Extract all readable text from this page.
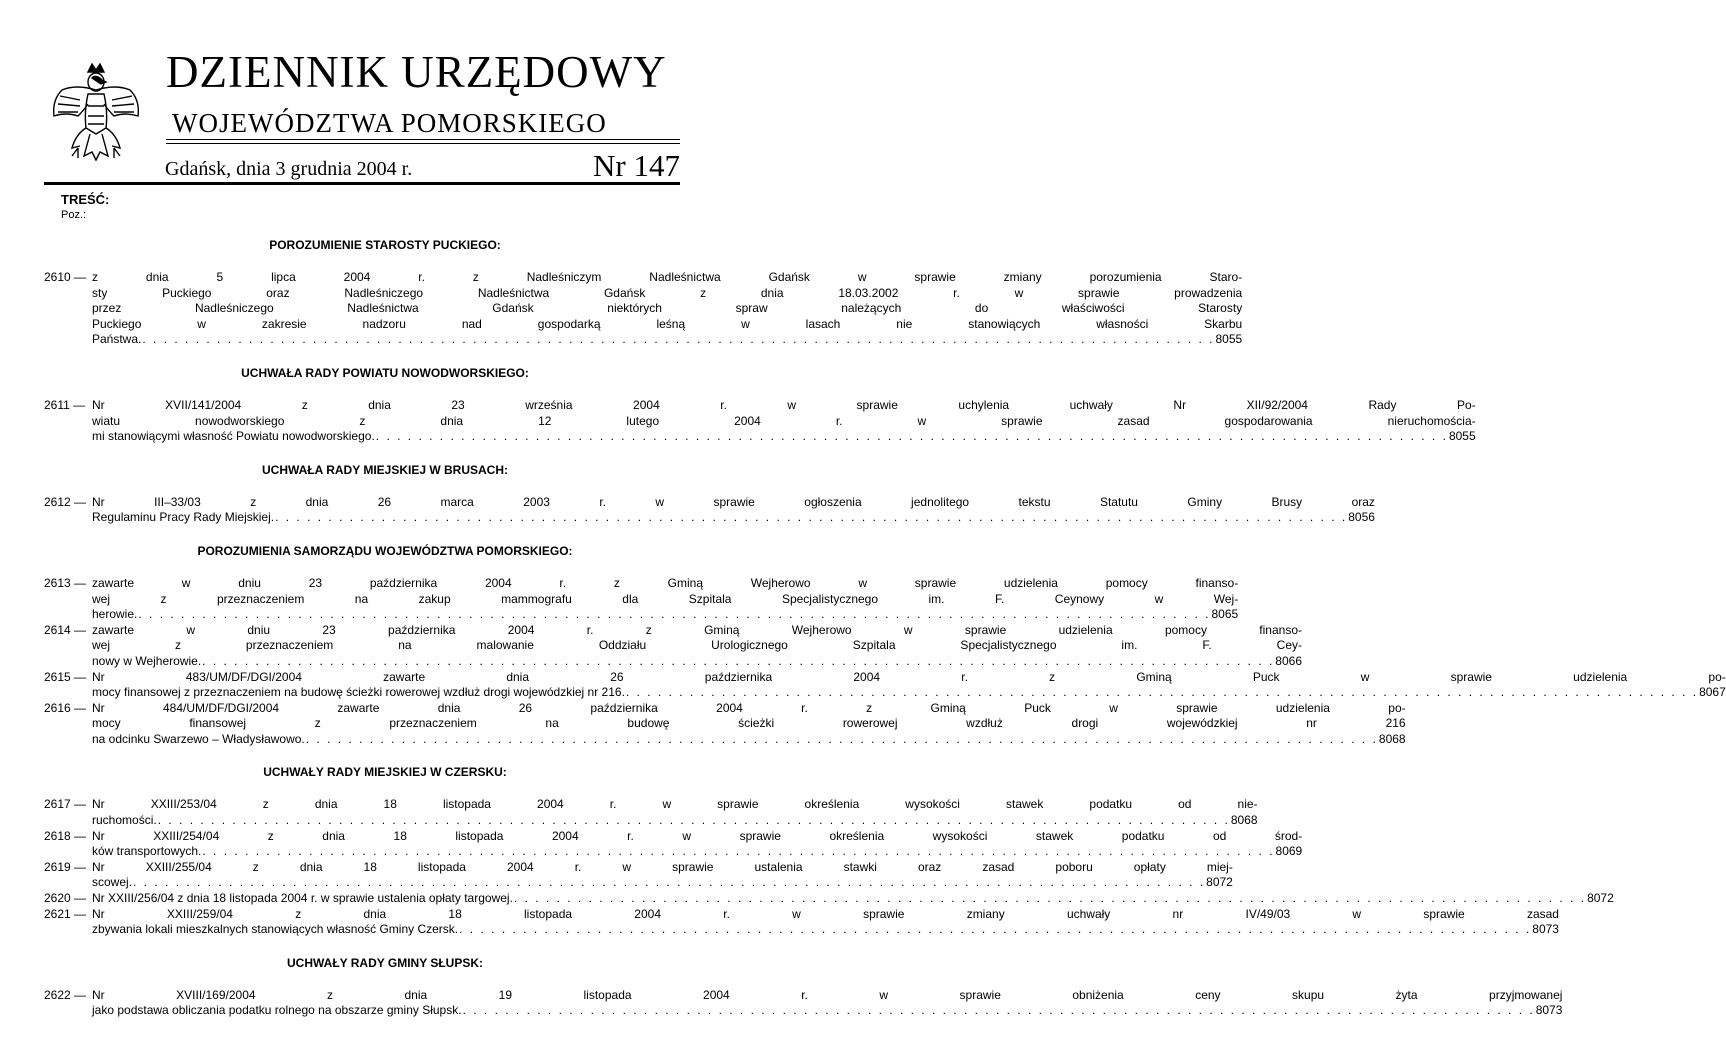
DZIENNIK URZĘDOWY
WOJEWÓDZTWA POMORSKIEGO
Gdańsk, dnia 3 grudnia 2004 r.	Nr 147
TREŚĆ:
Poz.:
POROZUMIENIE STAROSTY PUCKIEGO:
2610 — z dnia 5 lipca 2004 r. z Nadleśniczym Nadleśnictwa Gdańsk w sprawie zmiany porozumienia Staro-
sty Puckiego oraz Nadleśniczego Nadleśnictwa Gdańsk z dnia 18.03.2002 r. w sprawie prowadzenia
przez Nadleśniczego Nadleśnictwa Gdańsk niektórych spraw należących do właściwości Starosty
Puckiego w zakresie nadzoru nad gospodarką leśną w lasach nie stanowiących własności Skarbu
Państwa. . . . . . . . . . . . . . . . . . . . . . . . . . . . . . . . . . . . . . . . . . . . . . . . . . . . . . . . . . . . . . . . . . . . . . . . . . . . . . . . . . . . . . . . . . . . . . . . . . . . . . 8055
UCHWAŁA RADY POWIATU NOWODWORSKIEGO:
2611 — Nr XVII/141/2004 z dnia 23 września 2004 r. w sprawie uchylenia uchwały Nr XII/92/2004 Rady Po-
wiatu nowodworskiego z dnia 12 lutego 2004 r. w sprawie zasad gospodarowania nieruchomościa-
mi stanowiącymi własność Powiatu nowodworskiego. . . . . . . . . . . . . . . . . . . . . . . . . . . . . . . . . . . . . . . . . . . . . . . . . . . . . . . . . . . . . . . . . . . . . . . . . . . . . . . . . . . . . . . . . . . . . . . . . . . . . . 8055
UCHWAŁA RADY MIEJSKIEJ W BRUSACH:
2612 — Nr III–33/03 z dnia 26 marca 2003 r. w sprawie ogłoszenia jednolitego tekstu Statutu Gminy Brusy oraz
Regulaminu Pracy Rady Miejskiej. . . . . . . . . . . . . . . . . . . . . . . . . . . . . . . . . . . . . . . . . . . . . . . . . . . . . . . . . . . . . . . . . . . . . . . . . . . . . . . . . . . . . . . . . . . . . . . . . . . . . . 8056
POROZUMIENIA SAMORZĄDU WOJEWÓDZTWA POMORSKIEGO:
2613 — zawarte w dniu 23 października 2004 r. z Gminą Wejherowo w sprawie udzielenia pomocy finanso-
wej z przeznaczeniem na zakup mammografu dla Szpitala Specjalistycznego im. F. Ceynowy w Wej-
herowie. . . . . . . . . . . . . . . . . . . . . . . . . . . . . . . . . . . . . . . . . . . . . . . . . . . . . . . . . . . . . . . . . . . . . . . . . . . . . . . . . . . . . . . . . . . . . . . . . . . . . . 8065
2614 — zawarte w dniu 23 października 2004 r. z Gminą Wejherowo w sprawie udzielenia pomocy finanso-
wej z przeznaczeniem na malowanie Oddziału Urologicznego Szpitala Specjalistycznego im. F. Cey-
nowy w Wejherowie. . . . . . . . . . . . . . . . . . . . . . . . . . . . . . . . . . . . . . . . . . . . . . . . . . . . . . . . . . . . . . . . . . . . . . . . . . . . . . . . . . . . . . . . . . . . . . . . . . . . . . 8066
2615 — Nr 483/UM/DF/DGI/2004 zawarte dnia 26 października 2004 r. z Gminą Puck w sprawie udzielenia po-
mocy finansowej z przeznaczeniem na budowę ścieżki rowerowej wzdłuż drogi wojewódzkiej nr 216. . . . . . . . . . . . . . . . . . . . . . . . . . . . . . . . . . . . . . . . . . . . . . . . . . . . . . . . . . . . . . . . . . . . . . . . . . . . . . . . . . . . . . . . . . . . . . . . . . . . . . 8067
2616 — Nr 484/UM/DF/DGI/2004 zawarte dnia 26 października 2004 r. z Gminą Puck w sprawie udzielenia po-
mocy finansowej z przeznaczeniem na budowę ścieżki rowerowej wzdłuż drogi wojewódzkiej nr 216
na odcinku Swarzewo – Władysławowo. . . . . . . . . . . . . . . . . . . . . . . . . . . . . . . . . . . . . . . . . . . . . . . . . . . . . . . . . . . . . . . . . . . . . . . . . . . . . . . . . . . . . . . . . . . . . . . . . . . . . . 8068
UCHWAŁY RADY MIEJSKIEJ W CZERSKU:
2617 — Nr XXIII/253/04 z dnia 18 listopada 2004 r. w sprawie określenia wysokości stawek podatku od nie-
ruchomości. . . . . . . . . . . . . . . . . . . . . . . . . . . . . . . . . . . . . . . . . . . . . . . . . . . . . . . . . . . . . . . . . . . . . . . . . . . . . . . . . . . . . . . . . . . . . . . . . . . . . . 8068
2618 — Nr XXIII/254/04 z dnia 18 listopada 2004 r. w sprawie określenia wysokości stawek podatku od środ-
ków transportowych. . . . . . . . . . . . . . . . . . . . . . . . . . . . . . . . . . . . . . . . . . . . . . . . . . . . . . . . . . . . . . . . . . . . . . . . . . . . . . . . . . . . . . . . . . . . . . . . . . . . . . 8069
2619 — Nr XXIII/255/04 z dnia 18 listopada 2004 r. w sprawie ustalenia stawki oraz zasad poboru opłaty miej-
scowej. . . . . . . . . . . . . . . . . . . . . . . . . . . . . . . . . . . . . . . . . . . . . . . . . . . . . . . . . . . . . . . . . . . . . . . . . . . . . . . . . . . . . . . . . . . . . . . . . . . . . . 8072
2620 — Nr XXIII/256/04 z dnia 18 listopada 2004 r. w sprawie ustalenia opłaty targowej. . . . . . . . . . . . . . . . . . . . . . . . . . . . . . . . . . . . . . . . . . . . . . . . . . . . . . . . . . . . . . . . . . . . . . . . . . . . . . . . . . . . . . . . . . . . . . . . . . . . . . 8072
2621 — Nr XXIII/259/04 z dnia 18 listopada 2004 r. w sprawie zmiany uchwały nr IV/49/03 w sprawie zasad
zbywania lokali mieszkalnych stanowiących własność Gminy Czersk. . . . . . . . . . . . . . . . . . . . . . . . . . . . . . . . . . . . . . . . . . . . . . . . . . . . . . . . . . . . . . . . . . . . . . . . . . . . . . . . . . . . . . . . . . . . . . . . . . . . . . 8073
UCHWAŁY RADY GMINY SŁUPSK:
2622 — Nr XVIII/169/2004 z dnia 19 listopada 2004 r. w sprawie obniżenia ceny skupu żyta przyjmowanej
jako podstawa obliczania podatku rolnego na obszarze gminy Słupsk. . . . . . . . . . . . . . . . . . . . . . . . . . . . . . . . . . . . . . . . . . . . . . . . . . . . . . . . . . . . . . . . . . . . . . . . . . . . . . . . . . . . . . . . . . . . . . . . . . . . . . 8073
